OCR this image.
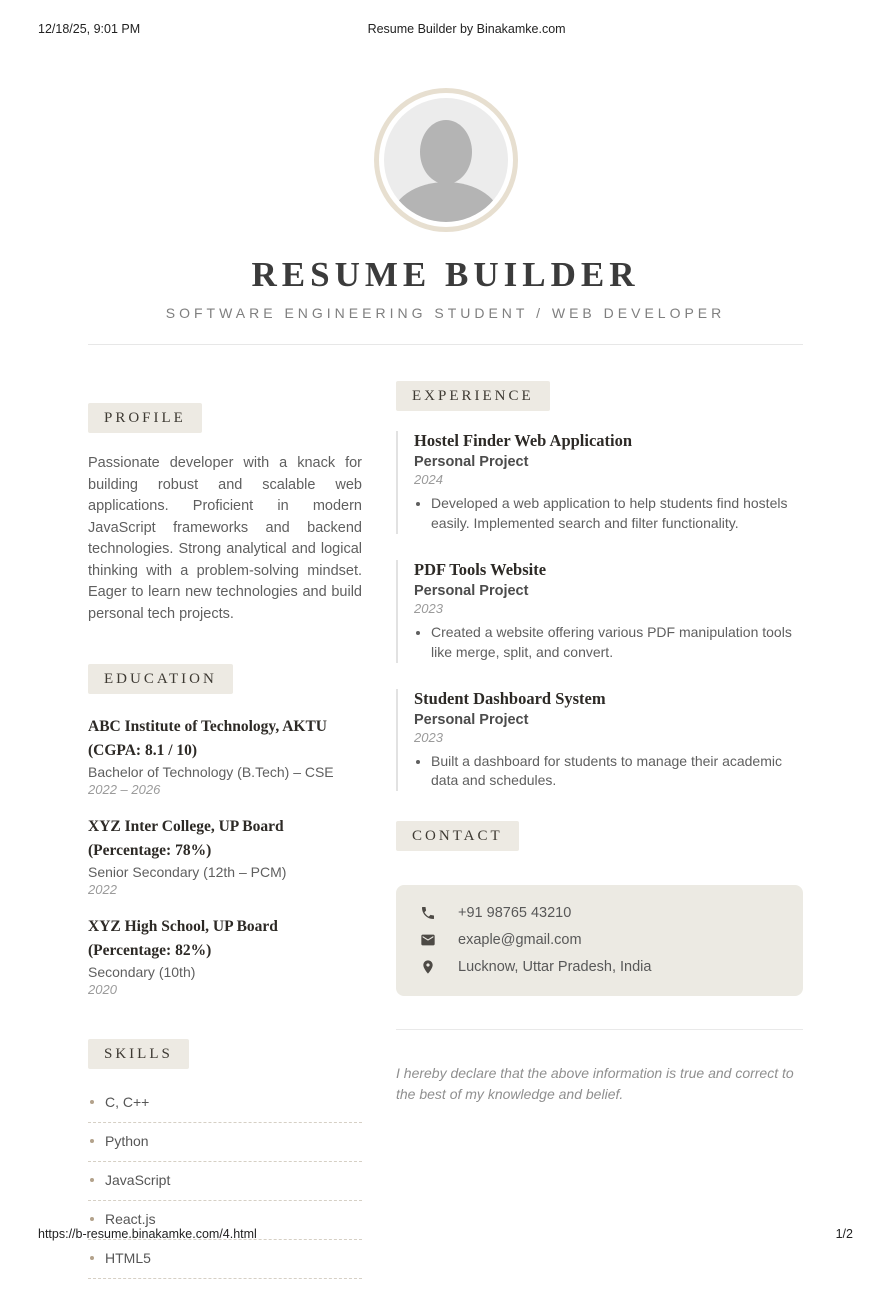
12/18/25, 9:01 PM	Resume Builder by Binakamke.com
RESUME BUILDER
SOFTWARE ENGINEERING STUDENT / WEB DEVELOPER
PROFILE

Passionate developer with a knack for building robust and scalable web applications. Proficient in modern JavaScript frameworks and backend technologies. Strong analytical and logical thinking with a problem-solving mindset. Eager to learn new technologies and build personal tech projects.

EDUCATION
ABC Institute of Technology, AKTU (CGPA: 8.1 / 10)
Bachelor of Technology (B.Tech) – CSE
2022 – 2026
XYZ Inter College, UP Board (Percentage: 78%)
Senior Secondary (12th – PCM)
2022
XYZ High School, UP Board (Percentage: 82%)
Secondary (10th)
2020
SKILLS
C, C++
Python
JavaScript
React.js
HTML5
EXPERIENCE
Hostel Finder Web Application
Personal Project
2024
• Developed a web application to help students find hostels easily. Implemented search and filter functionality.
PDF Tools Website
Personal Project
2023
• Created a website offering various PDF manipulation tools like merge, split, and convert.
Student Dashboard System
Personal Project
2023
• Built a dashboard for students to manage their academic data and schedules.
CONTACT
+91 98765 43210
exaple@gmail.com
Lucknow, Uttar Pradesh, India
I hereby declare that the above information is true and correct to the best of my knowledge and belief.
https://b-resume.binakamke.com/4.html	1/2
